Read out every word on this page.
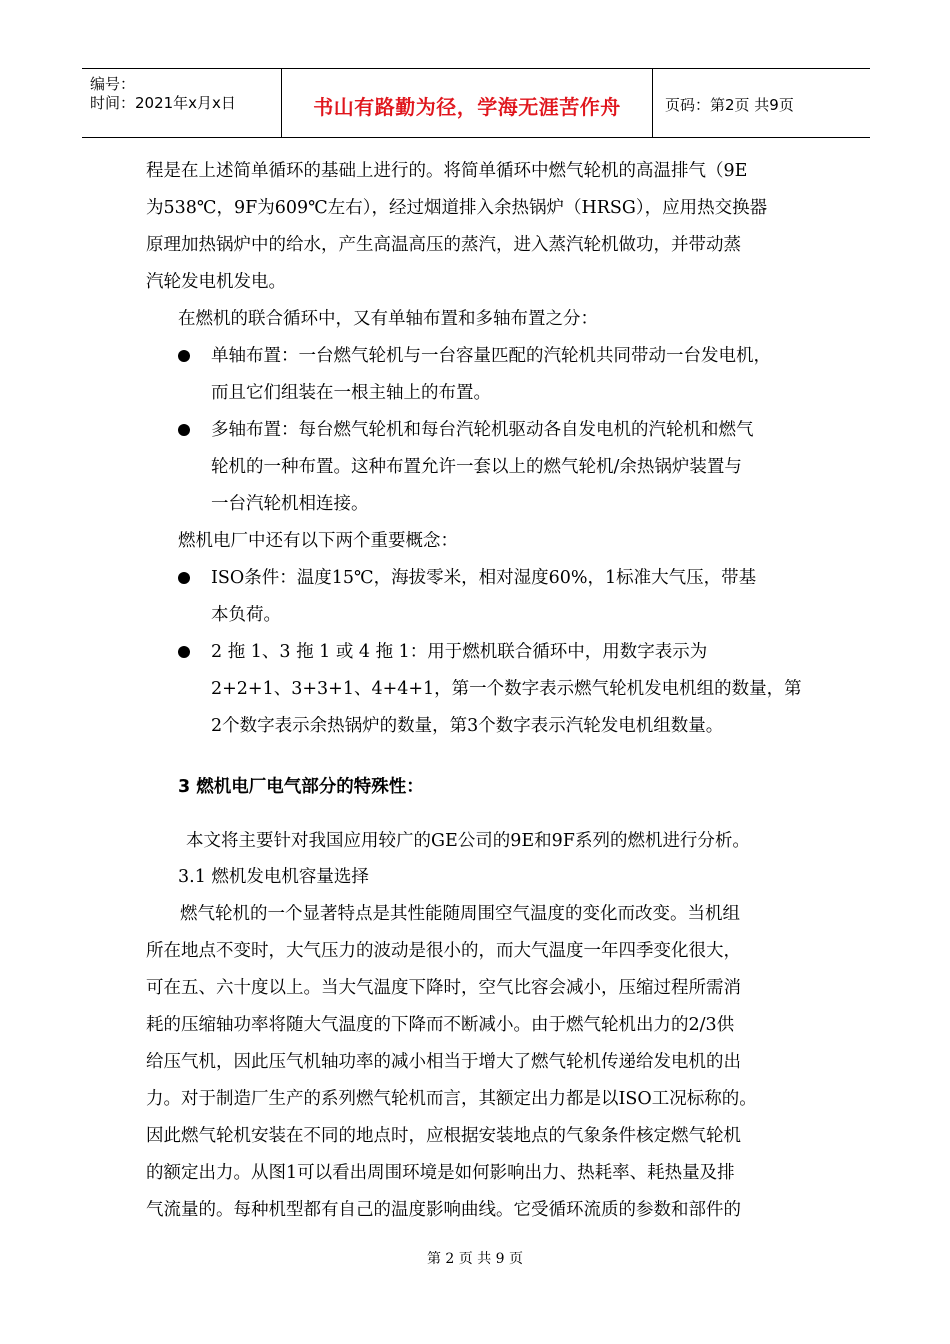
编号：
时间：2021年x月x日	书山有路勤为径，学海无涯苦作舟	页码：第2页 共9页
程是在上述简单循环的基础上进行的。将简单循环中燃气轮机的高温排气（9E
为538℃，9F为609℃左右），经过烟道排入余热锅炉（HRSG），应用热交换器
原理加热锅炉中的给水，产生高温高压的蒸汽，进入蒸汽轮机做功，并带动蒸
汽轮发电机发电。
在燃机的联合循环中，又有单轴布置和多轴布置之分：
单轴布置：一台燃气轮机与一台容量匹配的汽轮机共同带动一台发电机，
而且它们组装在一根主轴上的布置。
多轴布置：每台燃气轮机和每台汽轮机驱动各自发电机的汽轮机和燃气
轮机的一种布置。这种布置允许一套以上的燃气轮机/余热锅炉装置与
一台汽轮机相连接。
燃机电厂中还有以下两个重要概念：
ISO条件：温度15℃，海拔零米，相对湿度60%，1标准大气压，带基
本负荷。
2 拖 1、3 拖 1 或 4 拖 1：用于燃机联合循环中，用数字表示为
2+2+1、3+3+1、4+4+1，第一个数字表示燃气轮机发电机组的数量，第
2个数字表示余热锅炉的数量，第3个数字表示汽轮发电机组数量。
3 燃机电厂电气部分的特殊性：
本文将主要针对我国应用较广的GE公司的9E和9F系列的燃机进行分析。
3.1 燃机发电机容量选择
燃气轮机的一个显著特点是其性能随周围空气温度的变化而改变。当机组
所在地点不变时，大气压力的波动是很小的，而大气温度一年四季变化很大，
可在五、六十度以上。当大气温度下降时，空气比容会减小，压缩过程所需消
耗的压缩轴功率将随大气温度的下降而不断减小。由于燃气轮机出力的2/3供
给压气机，因此压气机轴功率的减小相当于增大了燃气轮机传递给发电机的出
力。对于制造厂生产的系列燃气轮机而言，其额定出力都是以ISO工况标称的。
因此燃气轮机安装在不同的地点时，应根据安装地点的气象条件核定燃气轮机
的额定出力。从图1可以看出周围环境是如何影响出力、热耗率、耗热量及排
气流量的。每种机型都有自己的温度影响曲线。它受循环流质的参数和部件的
第 2 页 共 9 页
